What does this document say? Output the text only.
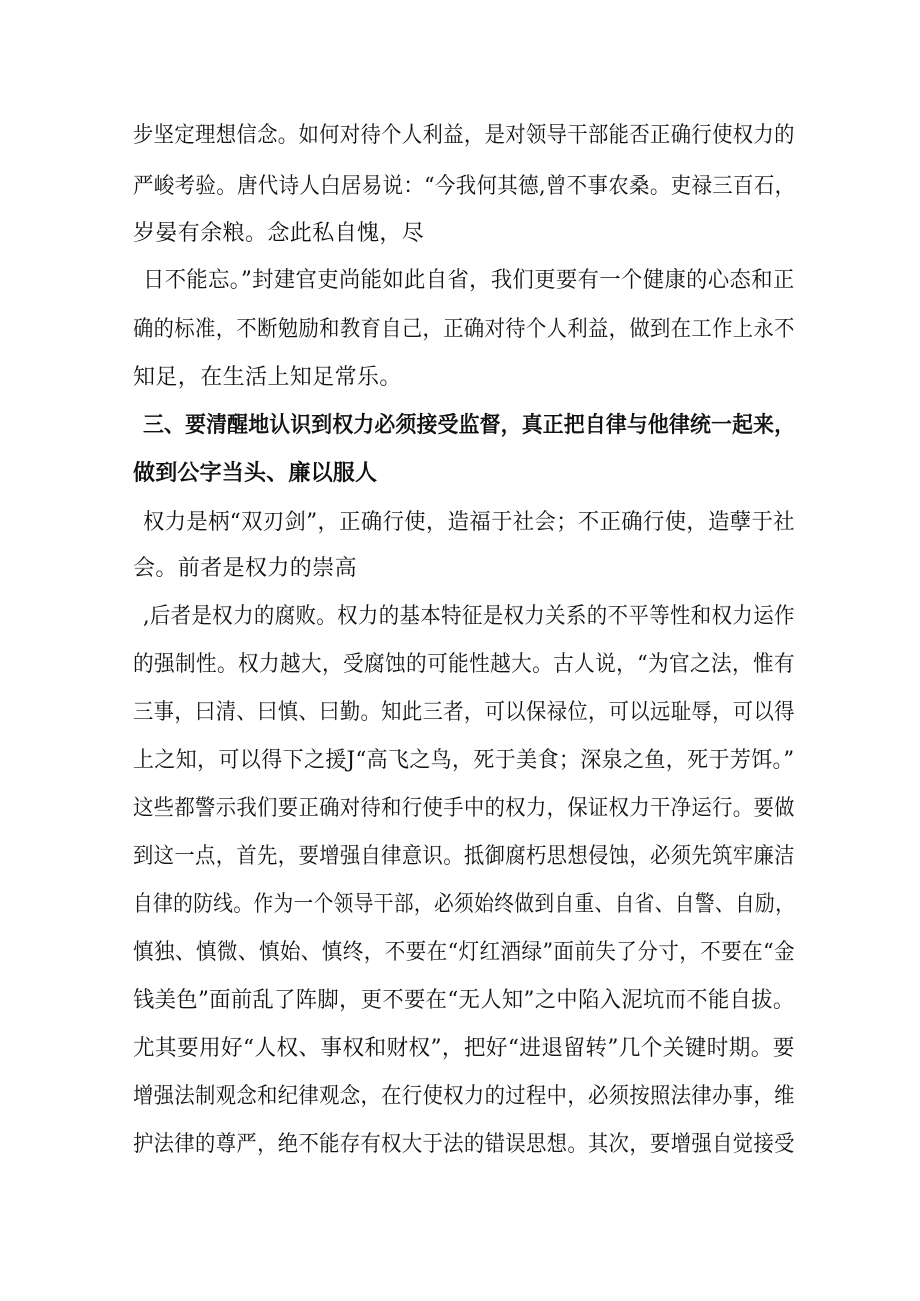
步坚定理想信念。如何对待个人利益，是对领导干部能否正确行使权力的
严峻考验。唐代诗人白居易说：“今我何其德,曾不事农桑。吏禄三百石，
岁晏有余粮。念此私自愧，尽
日不能忘。”封建官吏尚能如此自省，我们更要有一个健康的心态和正
确的标准，不断勉励和教育自己，正确对待个人利益，做到在工作上永不
知足，在生活上知足常乐。
三、要清醒地认识到权力必须接受监督，真正把自律与他律统一起来，
做到公字当头、廉以服人
权力是柄“双刃剑”，正确行使，造福于社会；不正确行使，造孽于社
会。前者是权力的崇高
,后者是权力的腐败。权力的基本特征是权力关系的不平等性和权力运作
的强制性。权力越大，受腐蚀的可能性越大。古人说，“为官之法，惟有
三事，曰清、曰慎、曰勤。知此三者，可以保禄位，可以远耻辱，可以得
上之知，可以得下之援J“高飞之鸟，死于美食；深泉之鱼，死于芳饵。”
这些都警示我们要正确对待和行使手中的权力，保证权力干净运行。要做
到这一点，首先，要增强自律意识。抵御腐朽思想侵蚀，必须先筑牢廉洁
自律的防线。作为一个领导干部，必须始终做到自重、自省、自警、自励，
慎独、慎微、慎始、慎终，不要在“灯红酒绿”面前失了分寸，不要在“金
钱美色”面前乱了阵脚，更不要在“无人知”之中陷入泥坑而不能自拔。
尤其要用好“人权、事权和财权”，把好“进退留转”几个关键时期。要
增强法制观念和纪律观念，在行使权力的过程中，必须按照法律办事，维
护法律的尊严，绝不能存有权大于法的错误思想。其次，要增强自觉接受
